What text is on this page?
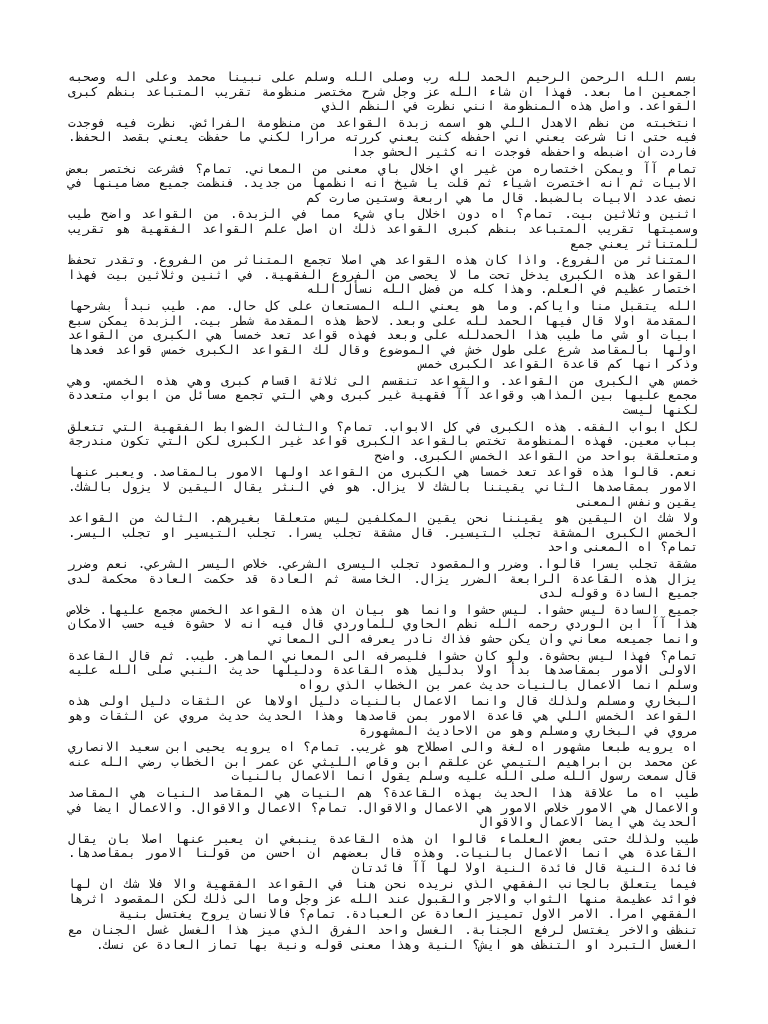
بسم الله الرحمن الرحيم الحمد لله رب وصلى الله وسلم على نبينا محمد وعلى اله وصحبه اجمعين اما بعد. فهذا ان شاء الله عز وجل شرح مختصر منظومة تقريب المتباعد بنظم كبرى القواعد. واصل هذه المنظومة انني نظرت في النظم الذي

انتخبته من نظم الاهدل اللي هو اسمه زبدة القواعد من منظومة الفرائض. نظرت فيه فوجدت فيه حتى انا شرعت يعني اني احفظه كنت يعني كررته مرارا لكني ما حفظت يعني بقصد الحفظ. فاردت ان اضبطه واحفظه فوجدت انه كثير الحشو جدا

تمام آآ ويمكن اختصاره من غير اي اخلال باي معنى من المعاني. تمام؟ فشرعت نختصر بعض الابيات ثم انه اختصرت اشياء ثم قلت يا شيخ انه انظمها من جديد. فنظمت جميع مضامينها في نصف عدد الابيات بالضبط. قال ما هي اربعة وستين صارت كم

اثنين وثلاثين بيت. تمام؟ اه دون اخلال باي شيء مما في الزبدة. من القواعد واضح طيب وسميتها تقريب المتباعد بنظم كبرى القواعد ذلك ان اصل علم القواعد الفقهية هو تقريب للمتناثر يعني جمع

المتناثر من الفروع. واذا كان هذه القواعد هي اصلا تجمع المتناثر من الفروع. وتقدر تحفظ القواعد هذه الكبرى يدخل تحت ما لا يحصى من الفروع الفقهية. في اثنين وثلاثين بيت فهذا اختصار عظيم في العلم. وهذا كله من فضل الله نسأل الله

الله يتقبل منا واياكم. وما هو يعني الله المستعان على كل حال. مم. طيب نبدأ بشرحها المقدمة اولا قال فيها الحمد لله على وبعد. لاحظ هذه المقدمة شطر بيت. الزبدة يمكن سبع ابيات او شي ما طيب هذا الحمدلله على وبعد فهذه قواعد تعد خمسا هي الكبرى من القواعد اولها بالمقاصد شرع على طول خش في الموضوع وقال لك القواعد الكبرى خمس قواعد فعدها وذكر انها كم قاعدة القواعد الكبرى خمس

خمس هي الكبرى من القواعد. والقواعد تنقسم الى ثلاثة اقسام كبرى وهي هذه الخمس. وهي مجمع عليها بين المذاهب وقواعد آآ فقهية غير كبرى وهي التي تجمع مسائل من ابواب متعددة لكنها ليست

لكل ابواب الفقه. هذه الكبرى في كل الابواب. تمام؟ والثالث الضوابط الفقهية التي تتعلق بباب معين. فهذه المنظومة تختص بالقواعد الكبرى قواعد غير الكبرى لكن التي تكون مندرجة ومتعلقة بواحد من القواعد الخمس الكبرى. واضح

نعم. قالوا هذه قواعد تعد خمسا هي الكبرى من القواعد اولها الامور بالمقاصد. ويعبر عنها الامور بمقاصدها الثاني يقيننا بالشك لا يزال. هو في النثر يقال اليقين لا يزول بالشك. يقين ونفس المعنى

ولا شك ان اليقين هو يقيننا نحن يقين المكلفين ليس متعلقا بغيرهم. الثالث من القواعد الخمس الكبرى المشقة تجلب التيسير. قال مشقة تجلب يسرا. تجلب التيسير او تجلب اليسر. تمام؟ اه المعنى واحد

مشقة تجلب يسرا قالوا. وضرر والمقصود تجلب اليسرى الشرعي. خلاص اليسر الشرعي. نعم وضرر يزال هذه القاعدة الرابعة الضرر يزال. الخامسة ثم العادة قد حكمت العادة محكمة لدى جميع السادة وقوله لدى

جميع السادة ليس حشوا. ليس حشوا وانما هو بيان ان هذه القواعد الخمس مجمع عليها. خلاص هذا آآ ابن الوردي رحمه الله نظم الحاوي للماوردي قال فيه انه لا حشوة فيه حسب الامكان وانما جميعه معاني وان يكن حشو فذاك نادر يعرفه الى المعاني

تمام؟ فهذا ليس بحشوة. ولو كان حشوا فليصرفه الى المعاني الماهر. طيب. ثم قال القاعدة الاولى الامور بمقاصدها بدأ اولا بدليل هذه القاعدة ودليلها حديث النبي صلى الله عليه وسلم انما الاعمال بالنيات حديث عمر بن الخطاب الذي رواه

البخاري ومسلم ولذلك قال وانما الاعمال بالنيات دليل اولاها عن الثقات دليل اولى هذه القواعد الخمس اللي هي قاعدة الامور بمن قاصدها وهذا الحديث حديث مروي عن الثقات وهو مروي في البخاري ومسلم وهو من الاحاديث المشهورة

اه يرويه طبعا مشهور اه لغة والى اصطلاح هو غريب. تمام؟ اه يرويه يحيى ابن سعيد الانصاري عن محمد بن ابراهيم التيمي عن علقم ابن وقاص الليثي عن عمر ابن الخطاب رضي الله عنه قال سمعت رسول الله صلى الله عليه وسلم يقول انما الاعمال بالنيات

طيب اه ما علاقة هذا الحديث بهذه القاعدة؟ هم النيات هي المقاصد النيات هي المقاصد والاعمال هي الامور خلاص الامور هي الاعمال والاقوال. تمام؟ الاعمال والاقوال. والاعمال ايضا في الحديث هي ايضا الاعمال والاقوال

طيب ولذلك حتى بعض العلماء قالوا ان هذه القاعدة ينبغي ان يعبر عنها اصلا بان يقال القاعدة هي انما الاعمال بالنيات. وهذه قال بعضهم ان احسن من قولنا الامور بمقاصدها. فائدة النية قال فائدة النية اولا لها آآ فائدتان

فيما يتعلق بالجانب الفقهي الذي نريده نحن هنا في القواعد الفقهية والا فلا شك ان لها فوائد عظيمة منها الثواب والاجر والقبول عند الله عز وجل وما الى ذلك لكن المقصود اثرها الفقهي امرا. الامر الاول تمييز العادة عن العبادة. تمام؟ فالانسان يروح يغتسل بنية

تنظف والاخر يغتسل لرفع الجنابة. الغسل واحد الفرق الذي ميز هذا الغسل غسل الجنان مع الغسل التبرد او التنظف هو ايش؟ النية وهذا معنى قوله ونية بها تماز العادة عن نسك.
